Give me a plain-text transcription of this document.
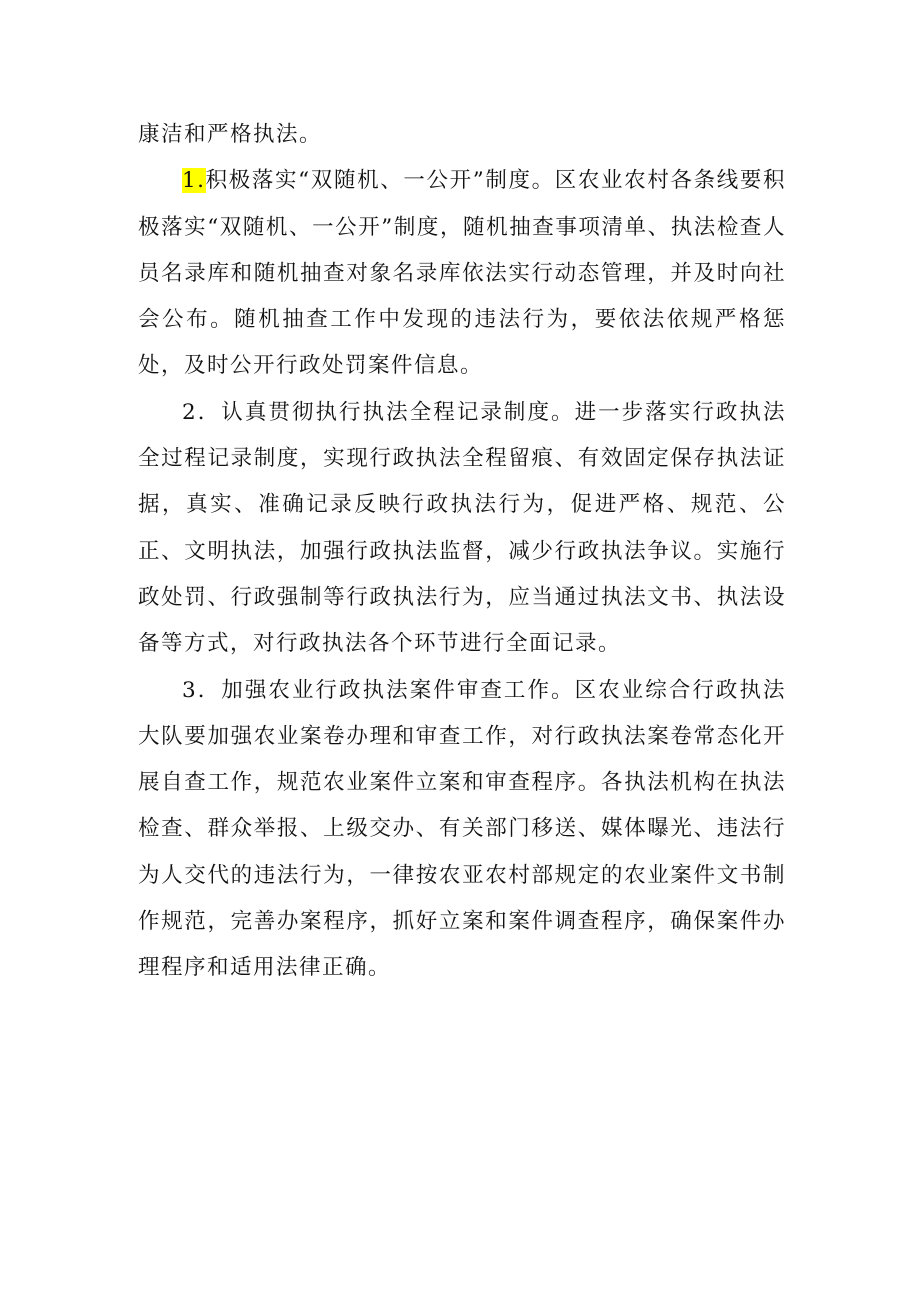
康洁和严格执法。

1.积极落实“双随机、一公开”制度。区农业农村各条线要积极落实“双随机、一公开”制度，随机抽查事项清单、执法检查人员名录库和随机抽查对象名录库依法实行动态管理，并及时向社会公布。随机抽查工作中发现的违法行为，要依法依规严格惩处，及时公开行政处罚案件信息。

2．认真贯彻执行执法全程记录制度。进一步落实行政执法全过程记录制度，实现行政执法全程留痕、有效固定保存执法证据，真实、准确记录反映行政执法行为，促进严格、规范、公正、文明执法，加强行政执法监督，减少行政执法争议。实施行政处罚、行政强制等行政执法行为，应当通过执法文书、执法设备等方式，对行政执法各个环节进行全面记录。

3．加强农业行政执法案件审查工作。区农业综合行政执法大队要加强农业案卷办理和审查工作，对行政执法案卷常态化开展自查工作，规范农业案件立案和审查程序。各执法机构在执法检查、群众举报、上级交办、有关部门移送、媒体曝光、违法行为人交代的违法行为，一律按农亚农村部规定的农业案件文书制作规范，完善办案程序，抓好立案和案件调查程序，确保案件办理程序和适用法律正确。
